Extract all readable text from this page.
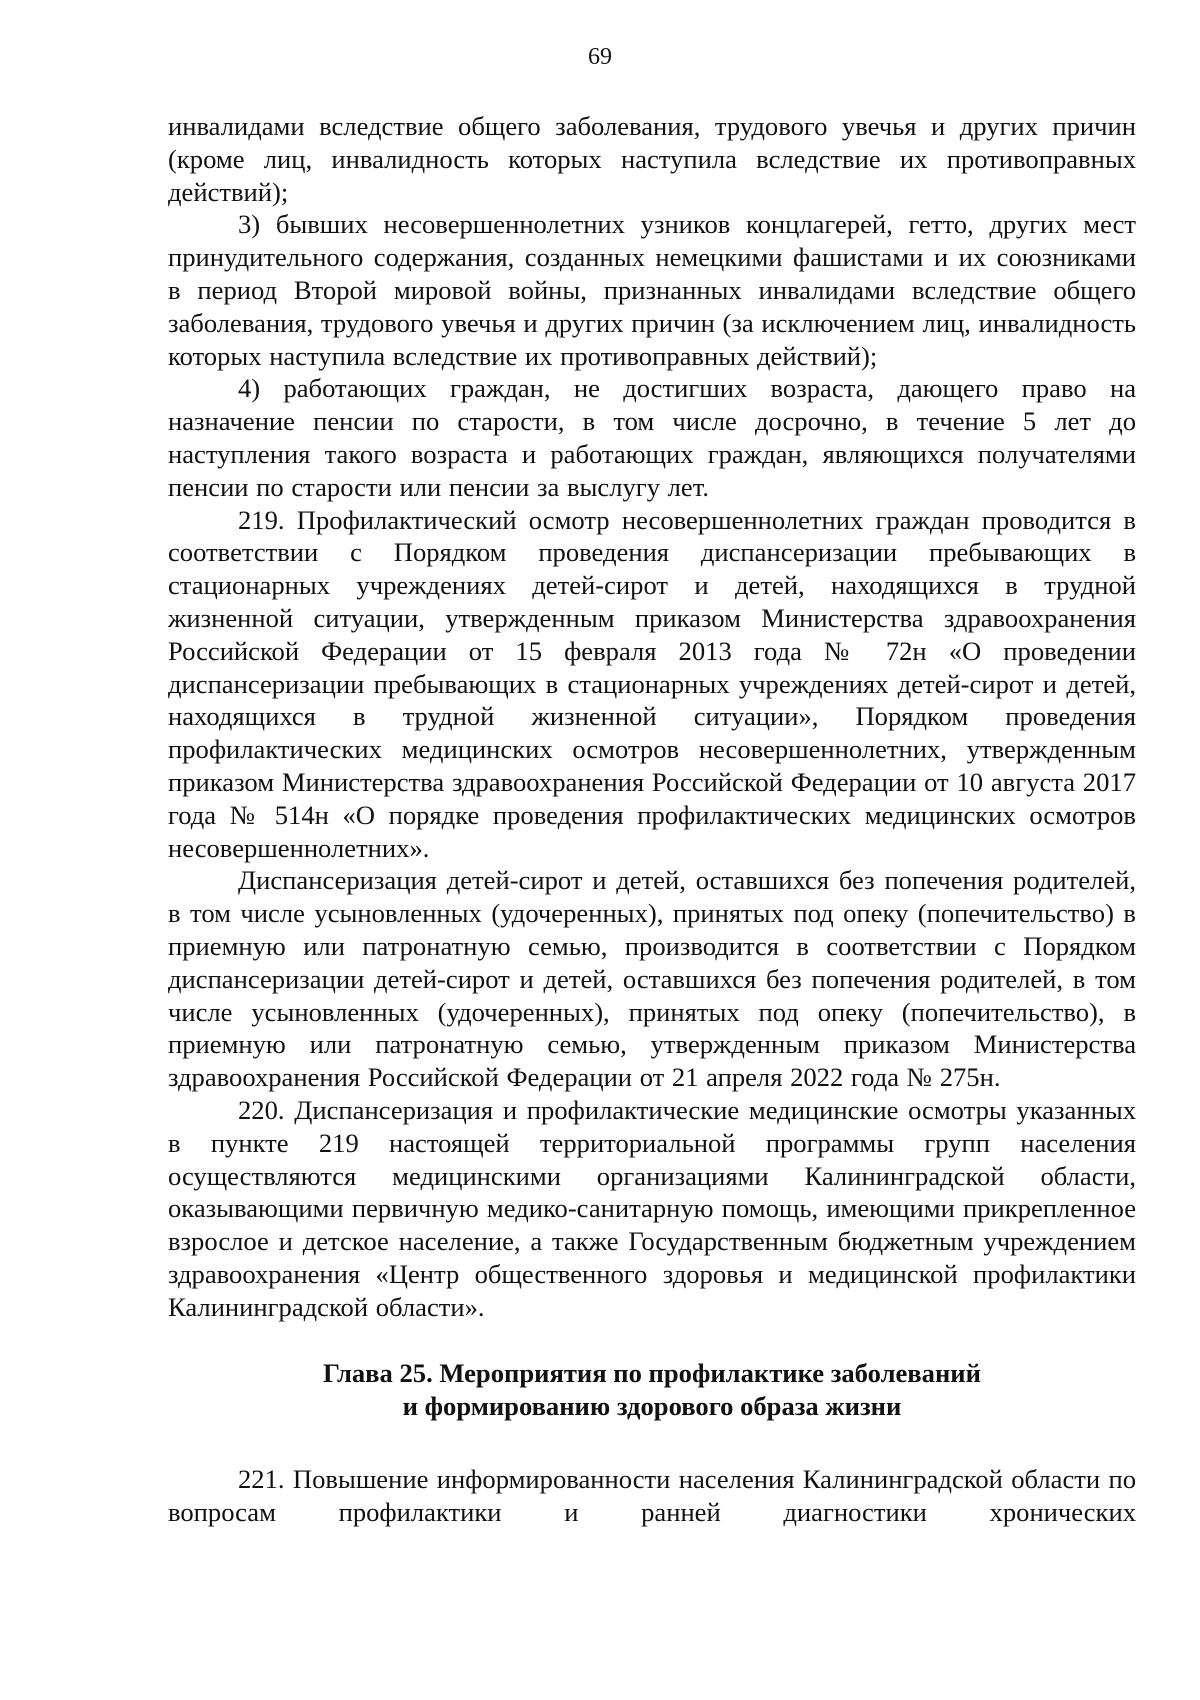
69

инвалидами вследствие общего заболевания, трудового увечья и других причин (кроме лиц, инвалидность которых наступила вследствие их противоправных действий);

3) бывших несовершеннолетних узников концлагерей, гетто, других мест принудительного содержания, созданных немецкими фашистами и их союзниками в период Второй мировой войны, признанных инвалидами вследствие общего заболевания, трудового увечья и других причин (за исключением лиц, инвалидность которых наступила вследствие их противоправных действий);

4) работающих граждан, не достигших возраста, дающего право на назначение пенсии по старости, в том числе досрочно, в течение 5 лет до наступления такого возраста и работающих граждан, являющихся получателями пенсии по старости или пенсии за выслугу лет.

219. Профилактический осмотр несовершеннолетних граждан проводится в соответствии с Порядком проведения диспансеризации пребывающих в стационарных учреждениях детей-сирот и детей, находящихся в трудной жизненной ситуации, утвержденным приказом Министерства здравоохранения Российской Федерации от 15 февраля 2013 года № 72н «О проведении диспансеризации пребывающих в стационарных учреждениях детей-сирот и детей, находящихся в трудной жизненной ситуации», Порядком проведения профилактических медицинских осмотров несовершеннолетних, утвержденным приказом Министерства здравоохранения Российской Федерации от 10 августа 2017 года № 514н «О порядке проведения профилактических медицинских осмотров несовершеннолетних».

Диспансеризация детей-сирот и детей, оставшихся без попечения родителей, в том числе усыновленных (удочеренных), принятых под опеку (попечительство) в приемную или патронатную семью, производится в соответствии с Порядком диспансеризации детей-сирот и детей, оставшихся без попечения родителей, в том числе усыновленных (удочеренных), принятых под опеку (попечительство), в приемную или патронатную семью, утвержденным приказом Министерства здравоохранения Российской Федерации от 21 апреля 2022 года № 275н.

220. Диспансеризация и профилактические медицинские осмотры указанных в пункте 219 настоящей территориальной программы групп населения осуществляются медицинскими организациями Калининградской области, оказывающими первичную медико-санитарную помощь, имеющими прикрепленное взрослое и детское население, а также Государственным бюджетным учреждением здравоохранения «Центр общественного здоровья и медицинской профилактики Калининградской области».

Глава 25. Мероприятия по профилактике заболеваний
и формированию здорового образа жизни

221. Повышение информированности населения Калининградской области по вопросам профилактики и ранней диагностики хронических
